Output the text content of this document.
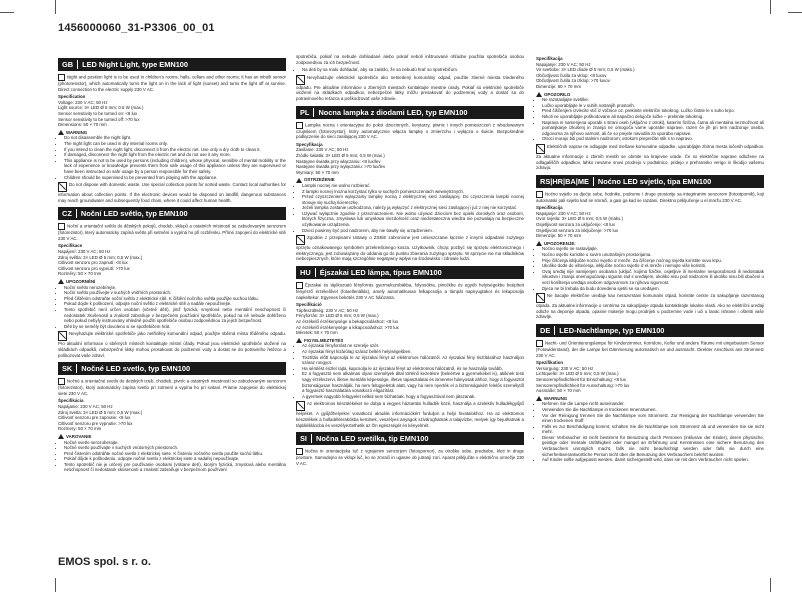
1456000060_31-P3306_00_01
EMOS spol. s r. o.
GB LED Night Light, type EMN100
Night and position light is to be used in children’s rooms, halls, cellars and other rooms; it has an inbuilt sensor (photoresistor), which automatically turns the light on in the lack of light (sunset) and turns the light off at sunrise. Direct connection to the electric supply 230 V AC.
Specification
Voltage: 230 V AC; 50 Hz
Light source: 3× LED Ø 5 mm; 0.5 W (max.)
Sensor sensitivity to be turned on: <8 lux
Sensor sensitivity to be turned off: >70 lux
Dimensions: 50 × 70 mm
WARNING
• Do not disassemble the night light.
• The night light can be used in dry internal rooms only.
• If you intend to clean the night light, disconnect it from the electric net. Use only a dry cloth to clean it.
• If damaged, disconnect the night light from the electric net and do not use it any more.
• This appliance is not to be used by persons (including children), whose physical, sensible of mental mobility or the lack of experience or knowledge prevents them from safe usage of this appliance unless they are supervised or have been instructed on safe usage by a person responsible for their safety.
• Children should be supervised to be prevented from playing with the appliance.
Do not dispose with domestic waste. Use special collection points for sorted waste. Contact local authorities for information about collection points. If the electronic devices would be disposed on landfill, dangerous substances may reach groundwater and subsequently food chain, where it could affect human health.
CZ Noční LED světlo, typ EMN100
Noční a orientační světlo do dětských pokojů, chodeb, sklepů a ostatních místností se zabudovaným senzorem (fotorezistor), který automaticky zapíná světlo při setmění a vypíná ho při rozbřesku. Přímé zapojení do elektrické sítě 230 V AC.
Specifikace
Napájení: 230 V AC; 50 Hz
Zdroj světla: 3× LED Ø 5 mm; 0,5 W (max.)
Citlivost senzoru pro zapnutí: <8 lux
Citlivost senzoru pro vypnutí: >70 lux
Rozměry: 50 × 70 mm
UPOZORNĚNÍ
• Noční světlo nerozebírejte.
• Noční světlo používejte v suchých vnitřních prostorách.
• Před čištěním odstraňte noční světlo z elektrické sítě. K čištění nočního světla použijte suchou látku.
• Pokud dojde k poškození, odpojte noční světlo z elektrické sítě a nadále nepoužívejte.
• Tento spotřebič není určen osobám (včetně dětí), jimž fyzická, smyslová nebo mentální neschopnost či nedostatek zkušeností a znalostí zabraňuje v bezpečném používání spotřebiče, pokud na ně nebude dohlíženo nebo pokud nebyly instruovány ohledně použití spotřebiče osobou zodpovědnou za jejich bezpečnost.
• Děti by se neměly být dovoleno si se spotřebičem hrát.
Nevyhazujte elektrické spotřebiče jako netříděný komunální odpad, použijte sběrná místa tříděného odpadu. Pro aktuální informace o sběrných místech kontaktujte místní úřady. Pokud jsou elektrické spotřebiče uložené na skládkách odpadků, nebezpečné látky mohou prosakovat do podzemní vody a dostat se do potravního řetězce a poškozovat vaše zdraví.
SK Nočné LED svetlo, typ EMN100
Nočné a orientačné svetlo do detských izieb, chodieb, pivníc a ostatných miestností so zabudovaným senzorom (fotorezistor), ktorý automaticky zapína svetlo pri zotmení a vypína ho pri svitaní. Priame zapojenie do elektrickej siete 230 V AC.
Špecifikácia
Napájanie: 230 V AC; 50 Hz
Zdroj svetla: 3× LED Ø 5 mm; 0,5 W (max.)
Citlivosť senzoru pre zapnutie: <8 lux
Citlivosť senzoru pre vypnutie: >70 lux
Rozmery: 50 × 70 mm
VAROVANIE
• Nočné svetlo nerozoberajte.
• Nočné svetlo používajte v suchých vnútorných priestoroch.
• Pred čistením odstráňte nočné svetlo z elektrickej siete. K čisteniu nočného svetla použite suchú látku.
• Pokiaľ dôjde k poškodeniu, odpojte nočné svetlo z elektrickej siete a nadaľej nepoužívajte.
• Tento spotrebič nie je určený pre používanie osobami (vrátane detí), ktorým fyzická, zmyslová alebo mentálna neschopnosť či nedostatok skúseností a znalostí zabraňuje v bezpečnom používaní
spotrebiča, pokiaľ na nebude dohliadané alebo pokiaľ neboli inštruované ohľadne použitia spotrebiča osobou zodpovednou za ich bezpečnosť.
• Na deti by sa malo dohliadať, aby sa zaistilo, že sa nebudú hrať so spotrebičom.
Nevyhadzujte elektrické spotrebiče ako netriedený komunálny odpad, použite zberné miesta triedeného odpadu. Pre aktuálne informácie o zberných miestach kontaktujte miestne úrady. Pokiaľ sú elektrické spotrebiče uložené na skládkach odpadkov, nebezpečné látky môžu presakovať do podzemnej vody a dostať sa do potravinového reťazca a poškodzovať vaše zdravie.
PL Nocna lampka z diodami LED, typ EMN100
Lampka nocna i orientacyjna do pokoi dziecinnych, korytarzy, piwnic i innych pomieszczeń z wbudowanym czujnikiem (fotorezystor), który automatycznie włącza lampkę o zmierzchu i wyłącza o świcie. Bezpośrednie podłączenie do sieci zasilającej 230 V AC.
Specyfikacja
Zasilanie: 230 V AC; 50 Hz
Źródło światła: 3× LED Ø 5 mm; 0,5 W (max.)
Następne światła przy włączaniu: <8 lux/lev
Następne światła przy wyłączaniu: >70 lux/lev
Wymiary: 50 × 70 mm
OSTRZEŻENIE
• Lampki nocnej nie wolno rozbierać.
• Z lampki nocnej można korzystać tylko w suchych pomieszczeniach wewnętrznych.
• Przed czyszczeniem wyłączamy lampkę nocną z elektrycznej sieci zasilającej. Do czyszczenia lampki nocnej stosuje się suchą ściereczkę.
• Jeżeli lampka zostanie uszkodzona, należy ją wyłączyć z elektrycznej sieci zasilającej i już z niej nie korzystać.
• Używać wyłącznie zgodnie z przeznaczeniem. Nie wolno używać dzieciom bez opieki dorosłych oraz osobom, których fizyczna, zmysłowa lub umysłowa niezdolność oraz niedostateczna wiedza nie pozwalają na bezpieczne użytkowanie urządzenia.
• Dzieci powinny być pod nadzorem, aby nie bawiły się urządzeniem.
Zgodnie z przepisami Ustawy o ZSEiE zabronione jest umieszczanie łącznie z innymi odpadami zużytego sprzętu oznakowanego symbolem przekreślonego kosza. Użytkownik, chcąc pozbyć się sprzętu elektronicznego i elektrycznego, jest zobowiązany do oddania go do punktu zbierania zużytego sprzętu. W sprzęcie nie ma składników niebezpiecznych, które mają szczególnie negatywny wpływ na środowisko i zdrowie ludzi.
HU Éjszakai LED lámpa, típus EMN100
Éjszakai és tájékoztató fényforrás gyermekszobákba, folyosókra, pincékbe és egyéb helyiségekbe beépített fényérző érzékelővel (fotoellenállás), amely automatikusan felkapcsolja a lámpát napnyugtakor és lekapcsolja napkeltekor. Egyenes bekötés 230 V AC hálózatra.
Specifikáció
Tápfeszültség: 230 V AC; 50 Hz
Fényforrás: 3× LED Ø 5 mm; 0,5 W (max.)
Az érzékelő érzékenysége a bekapcsoláshoz: <8 lux
Az érzékelő érzékenysége a kikapcsoláshoz: >70 lux
Méretek: 50 × 70 mm
FIGYELMEZTETÉS
• Az éjszakai fényforrást ne szerelje szét.
• Az éjszakai fényt kizárólag száraz beltéri helyiségekben.
• Tisztítás előtt kapcsolja le az éjszakai fényt az elektromos hálózatról. Az éjszakai fény tisztításához használjon száraz rongyot.
• Ha sérülést észlel rajta, kapcsolja le az éjszakai fényt az elektromos hálózatról, és ne használja tovább.
• Ez a fogyasztó nem alkalmas olyan személyek által történő kezelésre (beleértve a gyermekeket is), akiknek testi vagy érzékszervi, illetve mentális képessége, illetve tapasztalatai és ismeretei hiányosak ahhoz, hogy a fogyasztót biztonságosan használják, ha nem felügyeletük alatt, vagy ha nem nyerték el a biztonságukért felelős személytől a fogyasztó használatára vonatkozó eligazítást.
• A gyermek nagyobb felügyelet nélkül nem bízhatóak, hogy a fogyasztóval nem játszanak.
Az elektromos készülékeket ne dobja a vegyes háztartási hulladék közé, használja a szelektív hulladékgyűjtő helyeket. A gyűjtőhelyekre vonatkozó aktuális információkért forduljon a helyi hivatalokhoz. Ha az elektromos készülékek a hulladéklerakókba kerülnek, veszélyes anyagok szivároghatnak a talajvízbe, melyek így bejuthatnak a táplálékláncba és veszélyeztethetik az Ön egészségét és kényelmét.
SI Nočna LED svetilka, tip EMN100
Nočna in orientacijska luč z vgrajenim senzorjem (fotoupornor), za otroške sobe, predsobe, kleti in druge prostore. Samodejno se vklopi luč, ko se zmrači in ugasne ob jutranji zori. Aparat priključite v električno omrežje 230 V AC.
Specifikacija
Napajanje: 230 V AC; 50 Hz
Vir svetlobe: 3× LED diode Ø 5 mm; 0,5 W (maks.)
Občutljivost čutila za vklop: <8 luxov
Občutljivost čutila za izklop: >70 luxov
Dimenzije: 50 × 70 mm
OPOZORILO
• Ne razstavljajte svetilke.
• Lučko uporabljajte le v suhih notranjih prostorih.
• Pred čiščenjem izvlecite vtič iz vtičnice oz. prekinite električni tokokrog. Lučko čistite le s suho krpo.
• Nikoli ne uporabljajte poškodovane ali napačno delujoče lučke – prekinite tokokrog.
• Naprava ni namenjena uporabi s strani oseb (vključno z otroki), katerim fizična, čutna ali mentalna nezmožnost ali pomanjkanje izkušenj in znanja ne omogoča varne uporabe naprave, razen če jih pri tem nadzoruje oseba, odgovorna za njihovo varnost, ali če so prejele navodila za uporabo naprave.
• Otroci morajo biti pod stalnim nadzorom; otrokom preprečite stik s to napravo.
Električnih naprav ne odlagajte med mešane komunalne odpadke, uporabljajte zbirna mesta ločenih odpadkov. Za aktualne informacije o zbirnih mestih se obrnite na krajevne urade. Če so električne naprave odložene na odlagališčih odpadkov, lahko nevarne snovi prodrejo v podtalnico, pridejo v prehransko verigo in škodijo vašemu zdravju.
RS|HR|BA|ME Noćno LED svjetlo, tipa EMN100
Noćno svjetlo za djećje sobe, hodnike, podrume i druge prostorije sa integriranim senzorom (fotootpornik), koji automatski pali svjetlo kad se smrači, a gasi ga kad se razdani. Direktno priključenje u el.mrežu 230 V AC.
Specifikacija
Napajanje: 230 V AC; 50 Hz
Izvor svjetla: 3× LED Ø 5 mm; 0,5 W (maks.)
Osjetljivost senzora za uključenje: <8 lux
Osjetljivost senzora za isključenje: >70 lux
Dimenzije: 50 × 70 mm
UPOZORENJE:
• Noćno svjetlo ne rastavljajte.
• Noćno svjetlo koristite u suvim unutrašnjim prostorijama.
• Prije čišćenja isključite noćno svjetlo iz mreže. Za čišćenje noćnog svjetla koristite suvu krpu.
• Ukoliko dođe do oštećenja, isključite noćno svjetlo iz el.mreže i nemojte više koristiti.
• Ovaj uređaj nije namijenjen osobama (uključ. kojima fizičke, osjetljive ili mentalne nesposobnosti ili nedostatak iskustva i znanja onemogućavaju siguran rad s uređajem, ukoliko nisu pod nadzorom ili ukoliko nisu bili obučeni u vezi korištenja uređaja osobom odgovornom za njihovu sigurnost.
• Djeca ne bi trebala da budu dovedena sjetiti se sa uređajem.
Ne bacajte električne uređaje kao nerazvrstani komunalni otpad, koristite centre za sakupljanje razvrstanog otpada. Za aktualne informacije o centrima za sakupljanje otpada kontaktirajte lokalne vlasti. Ako se električni uređaji odlože na deponije otpada, opasne materije mogu prodrijeti u podzemne vode i ući u lanac ishrane i oštetiti vaše zdravlje.
DE LED-Nachtlampe, typ EMN100
Nacht- und Orientierungslampe für Kinderzimmer, Korridore, Keller und andere Räume mit eingebautem Sensor (Fotowiderstand), der die Lampe bei Dämmerung automatisch an und ausmacht. Direkter Anschluss ans Stromnetz 230 V AC.
Spezifikation
Versorgung: 230 V AC; 50 Hz
Lichtquelle: 3× LED Ø 5 mm; 0,5 W (max.)
Sensorempfindlichkeit für Einschaltung: <8 lux
Sensorempfindlichkeit für Ausschaltung: >70 lux
Ausmaße: 50 × 70 mm
WARNUNG
• Nehmen Sie die Lampe nicht auseinander.
• Verwenden Sie die Nachtlampe in trockenen Innenräumen.
• Vor der Reinigung trennen Sie die Nachtlampe vom Stromnetz. Zur Reinigung der Nachtlampe verwenden Sie einen trockenen Stoff.
• Falls es zur Beschädigung kommt, schalten Sie die Nachtlampe vom Stromnetz ab und verwenden Sie sie nicht mehr.
• Dieser Verbraucher ist nicht bestimmt für Benutzung durch Personen (inklusive der Kinder), deren physische, geistige oder mentale Unfähigkeit oder mangel an Erfahrung und Kenntnissen eine sichere Benutzung des Verbrauchers unmöglich macht, falls sie nicht beaufsichtigt werden oder falls sie durch eine sicherheitsverantwortliche Person nicht über die Benutzung des Verbrauchers belehrt wurden.
• Auf Kinder sollte aufgepasst werden, damit sichergestellt wird, dass sie mit dem Verbraucher nicht spielen.
